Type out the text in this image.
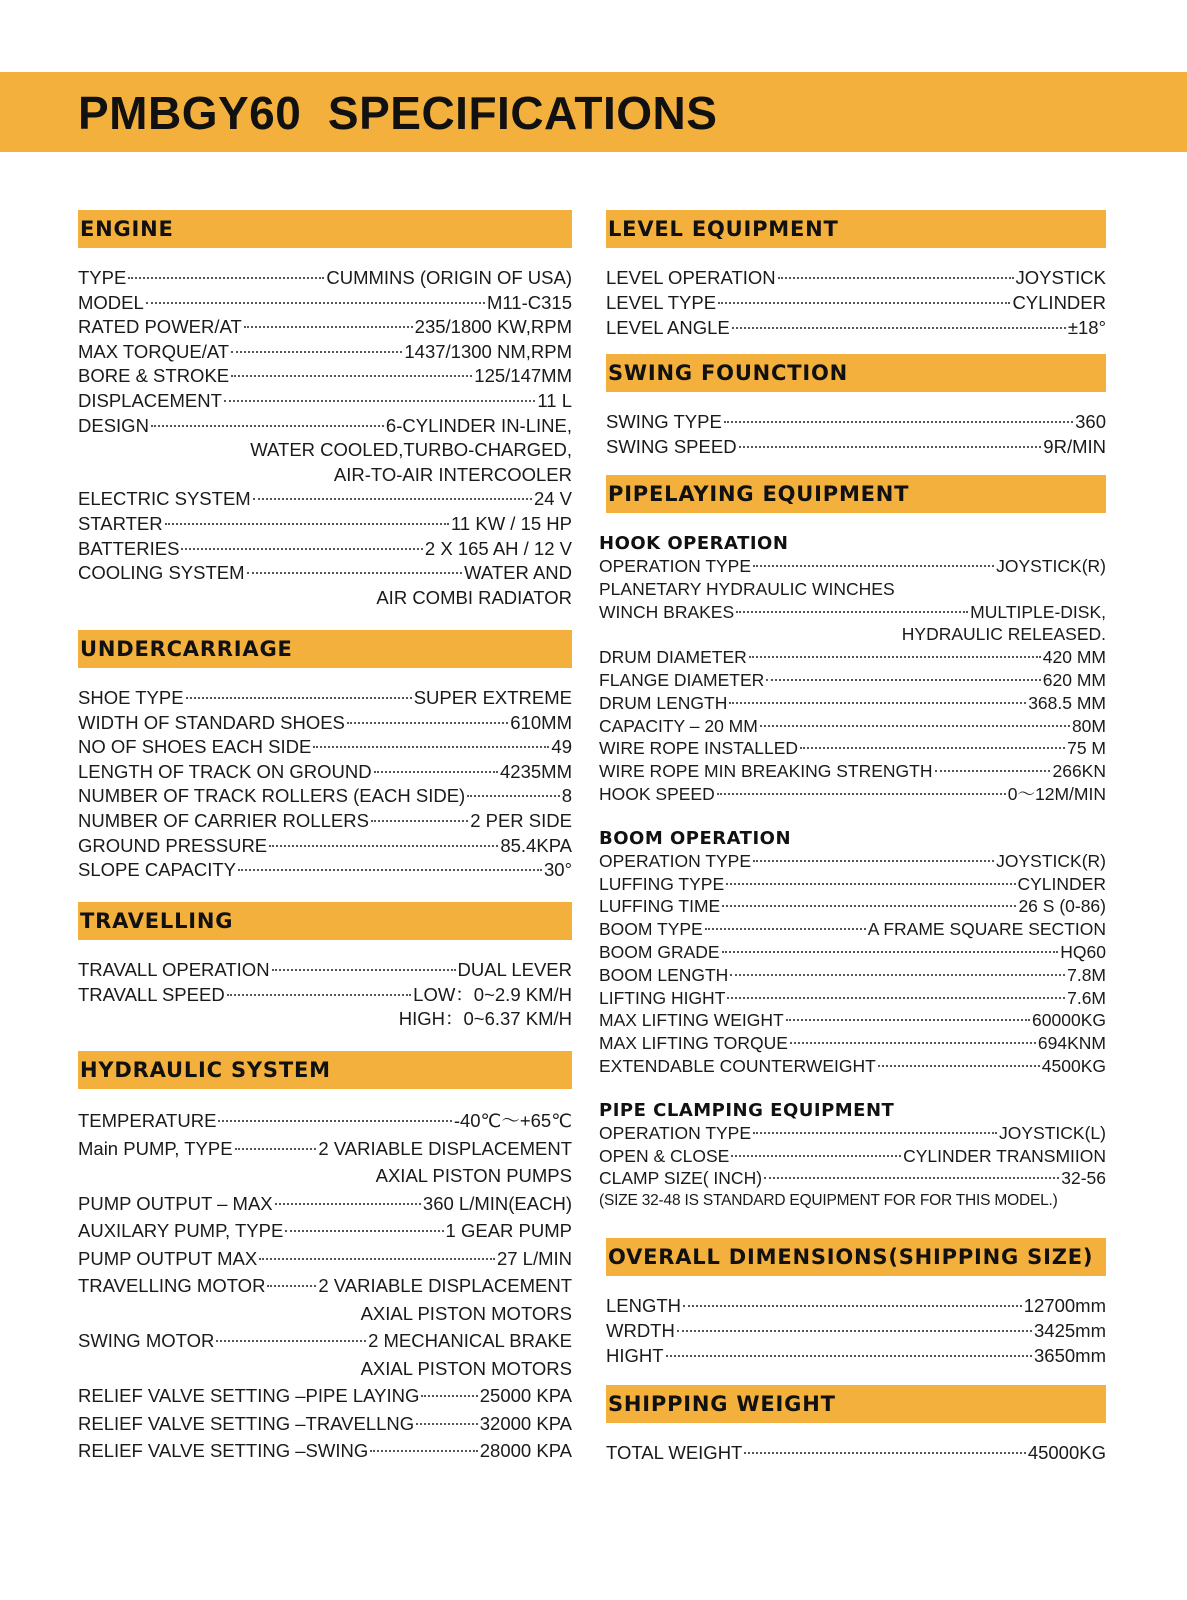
PMBGY60  SPECIFICATIONS
ENGINE
TYPE	CUMMINS (ORIGIN OF USA)
MODEL	M11-C315
RATED POWER/AT	235/1800 KW,RPM
MAX TORQUE/AT	1437/1300 NM,RPM
BORE & STROKE	125/147MM
DISPLACEMENT	11 L
DESIGN	6-CYLINDER IN-LINE,
WATER COOLED,TURBO-CHARGED,
AIR-TO-AIR INTERCOOLER
ELECTRIC SYSTEM	24 V
STARTER	11 KW / 15 HP
BATTERIES	2 X 165 AH / 12 V
COOLING SYSTEM	WATER AND
AIR COMBI RADIATOR
UNDERCARRIAGE
SHOE TYPE	SUPER EXTREME
WIDTH OF STANDARD SHOES	610MM
NO OF SHOES EACH SIDE	49
LENGTH OF TRACK ON GROUND	4235MM
NUMBER OF TRACK ROLLERS (EACH SIDE)	8
NUMBER OF CARRIER ROLLERS	2 PER SIDE
GROUND PRESSURE	85.4KPA
SLOPE CAPACITY	30°
TRAVELLING
TRAVALL OPERATION	DUAL LEVER
TRAVALL SPEED	LOW：0~2.9 KM/H
HIGH：0~6.37 KM/H
HYDRAULIC SYSTEM
TEMPERATURE	-40℃～+65℃
Main PUMP, TYPE	2 VARIABLE DISPLACEMENT
AXIAL PISTON PUMPS
PUMP OUTPUT – MAX	360 L/MIN(EACH)
AUXILARY PUMP, TYPE	1 GEAR PUMP
PUMP OUTPUT MAX	27 L/MIN
TRAVELLING MOTOR	2 VARIABLE DISPLACEMENT
AXIAL PISTON MOTORS
SWING MOTOR	2 MECHANICAL BRAKE
AXIAL PISTON MOTORS
RELIEF VALVE SETTING –PIPE LAYING	25000 KPA
RELIEF VALVE SETTING –TRAVELLNG	32000 KPA
RELIEF VALVE SETTING –SWING	28000 KPA
LEVEL EQUIPMENT
LEVEL OPERATION	JOYSTICK
LEVEL TYPE	CYLINDER
LEVEL ANGLE	±18°
SWING FOUNCTION
SWING TYPE	360
SWING SPEED	9R/MIN
PIPELAYING EQUIPMENT
HOOK OPERATION
OPERATION TYPE	JOYSTICK(R)
PLANETARY HYDRAULIC WINCHES
WINCH BRAKES	MULTIPLE-DISK,
HYDRAULIC RELEASED.
DRUM DIAMETER	420 MM
FLANGE DIAMETER	620 MM
DRUM LENGTH	368.5 MM
CAPACITY – 20 MM	80M
WIRE ROPE INSTALLED	75 M
WIRE ROPE MIN BREAKING STRENGTH	266KN
HOOK SPEED	0～12M/MIN
BOOM OPERATION
OPERATION TYPE	JOYSTICK(R)
LUFFING TYPE	CYLINDER
LUFFING TIME	26 S (0-86)
BOOM TYPE	A FRAME SQUARE SECTION
BOOM GRADE	HQ60
BOOM LENGTH	7.8M
LIFTING HIGHT	7.6M
MAX LIFTING WEIGHT	60000KG
MAX LIFTING TORQUE	694KNM
EXTENDABLE COUNTERWEIGHT	4500KG
PIPE CLAMPING EQUIPMENT
OPERATION TYPE	JOYSTICK(L)
OPEN & CLOSE	CYLINDER TRANSMIION
CLAMP SIZE( INCH)	32-56
(SIZE 32-48 IS STANDARD EQUIPMENT FOR FOR THIS MODEL.)
OVERALL DIMENSIONS(SHIPPING SIZE)
LENGTH	12700mm
WRDTH	3425mm
HIGHT	3650mm
SHIPPING WEIGHT
TOTAL WEIGHT	45000KG
